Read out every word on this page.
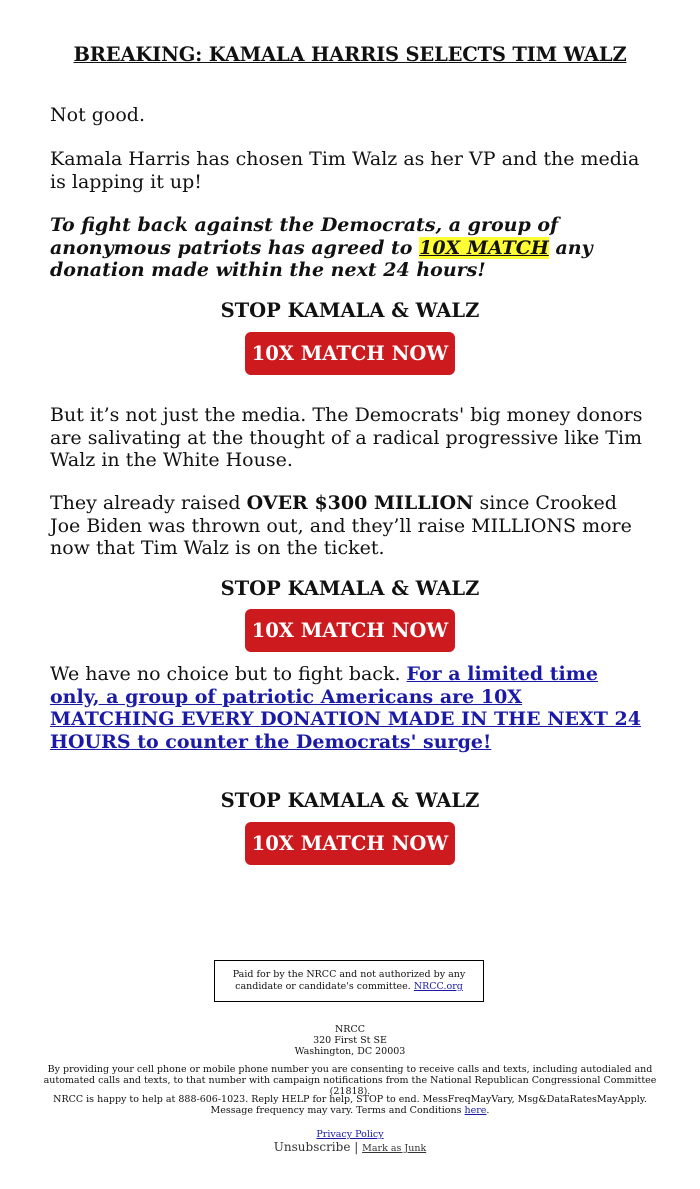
BREAKING: KAMALA HARRIS SELECTS TIM WALZ

Not good.

Kamala Harris has chosen Tim Walz as her VP and the media is lapping it up!

To fight back against the Democrats, a group of anonymous patriots has agreed to 10X MATCH any donation made within the next 24 hours!

STOP KAMALA & WALZ
10X MATCH NOW

But it’s not just the media. The Democrats' big money donors are salivating at the thought of a radical progressive like Tim Walz in the White House.

They already raised OVER $300 MILLION since Crooked Joe Biden was thrown out, and they’ll raise MILLIONS more now that Tim Walz is on the ticket.

STOP KAMALA & WALZ
10X MATCH NOW

We have no choice but to fight back. For a limited time only, a group of patriotic Americans are 10X MATCHING EVERY DONATION MADE IN THE NEXT 24 HOURS to counter the Democrats' surge!

STOP KAMALA & WALZ
10X MATCH NOW
Paid for by the NRCC and not authorized by any candidate or candidate's committee. NRCC.org
NRCC
320 First St SE
Washington, DC 20003
By providing your cell phone or mobile phone number you are consenting to receive calls and texts, including autodialed and automated calls and texts, to that number with campaign notifications from the National Republican Congressional Committee (21818).
NRCC is happy to help at 888-606-1023. Reply HELP for help, STOP to end. MessFreqMayVary, Msg&DataRatesMayApply. Message frequency may vary. Terms and Conditions here.
Privacy Policy
Unsubscribe | Mark as Junk
